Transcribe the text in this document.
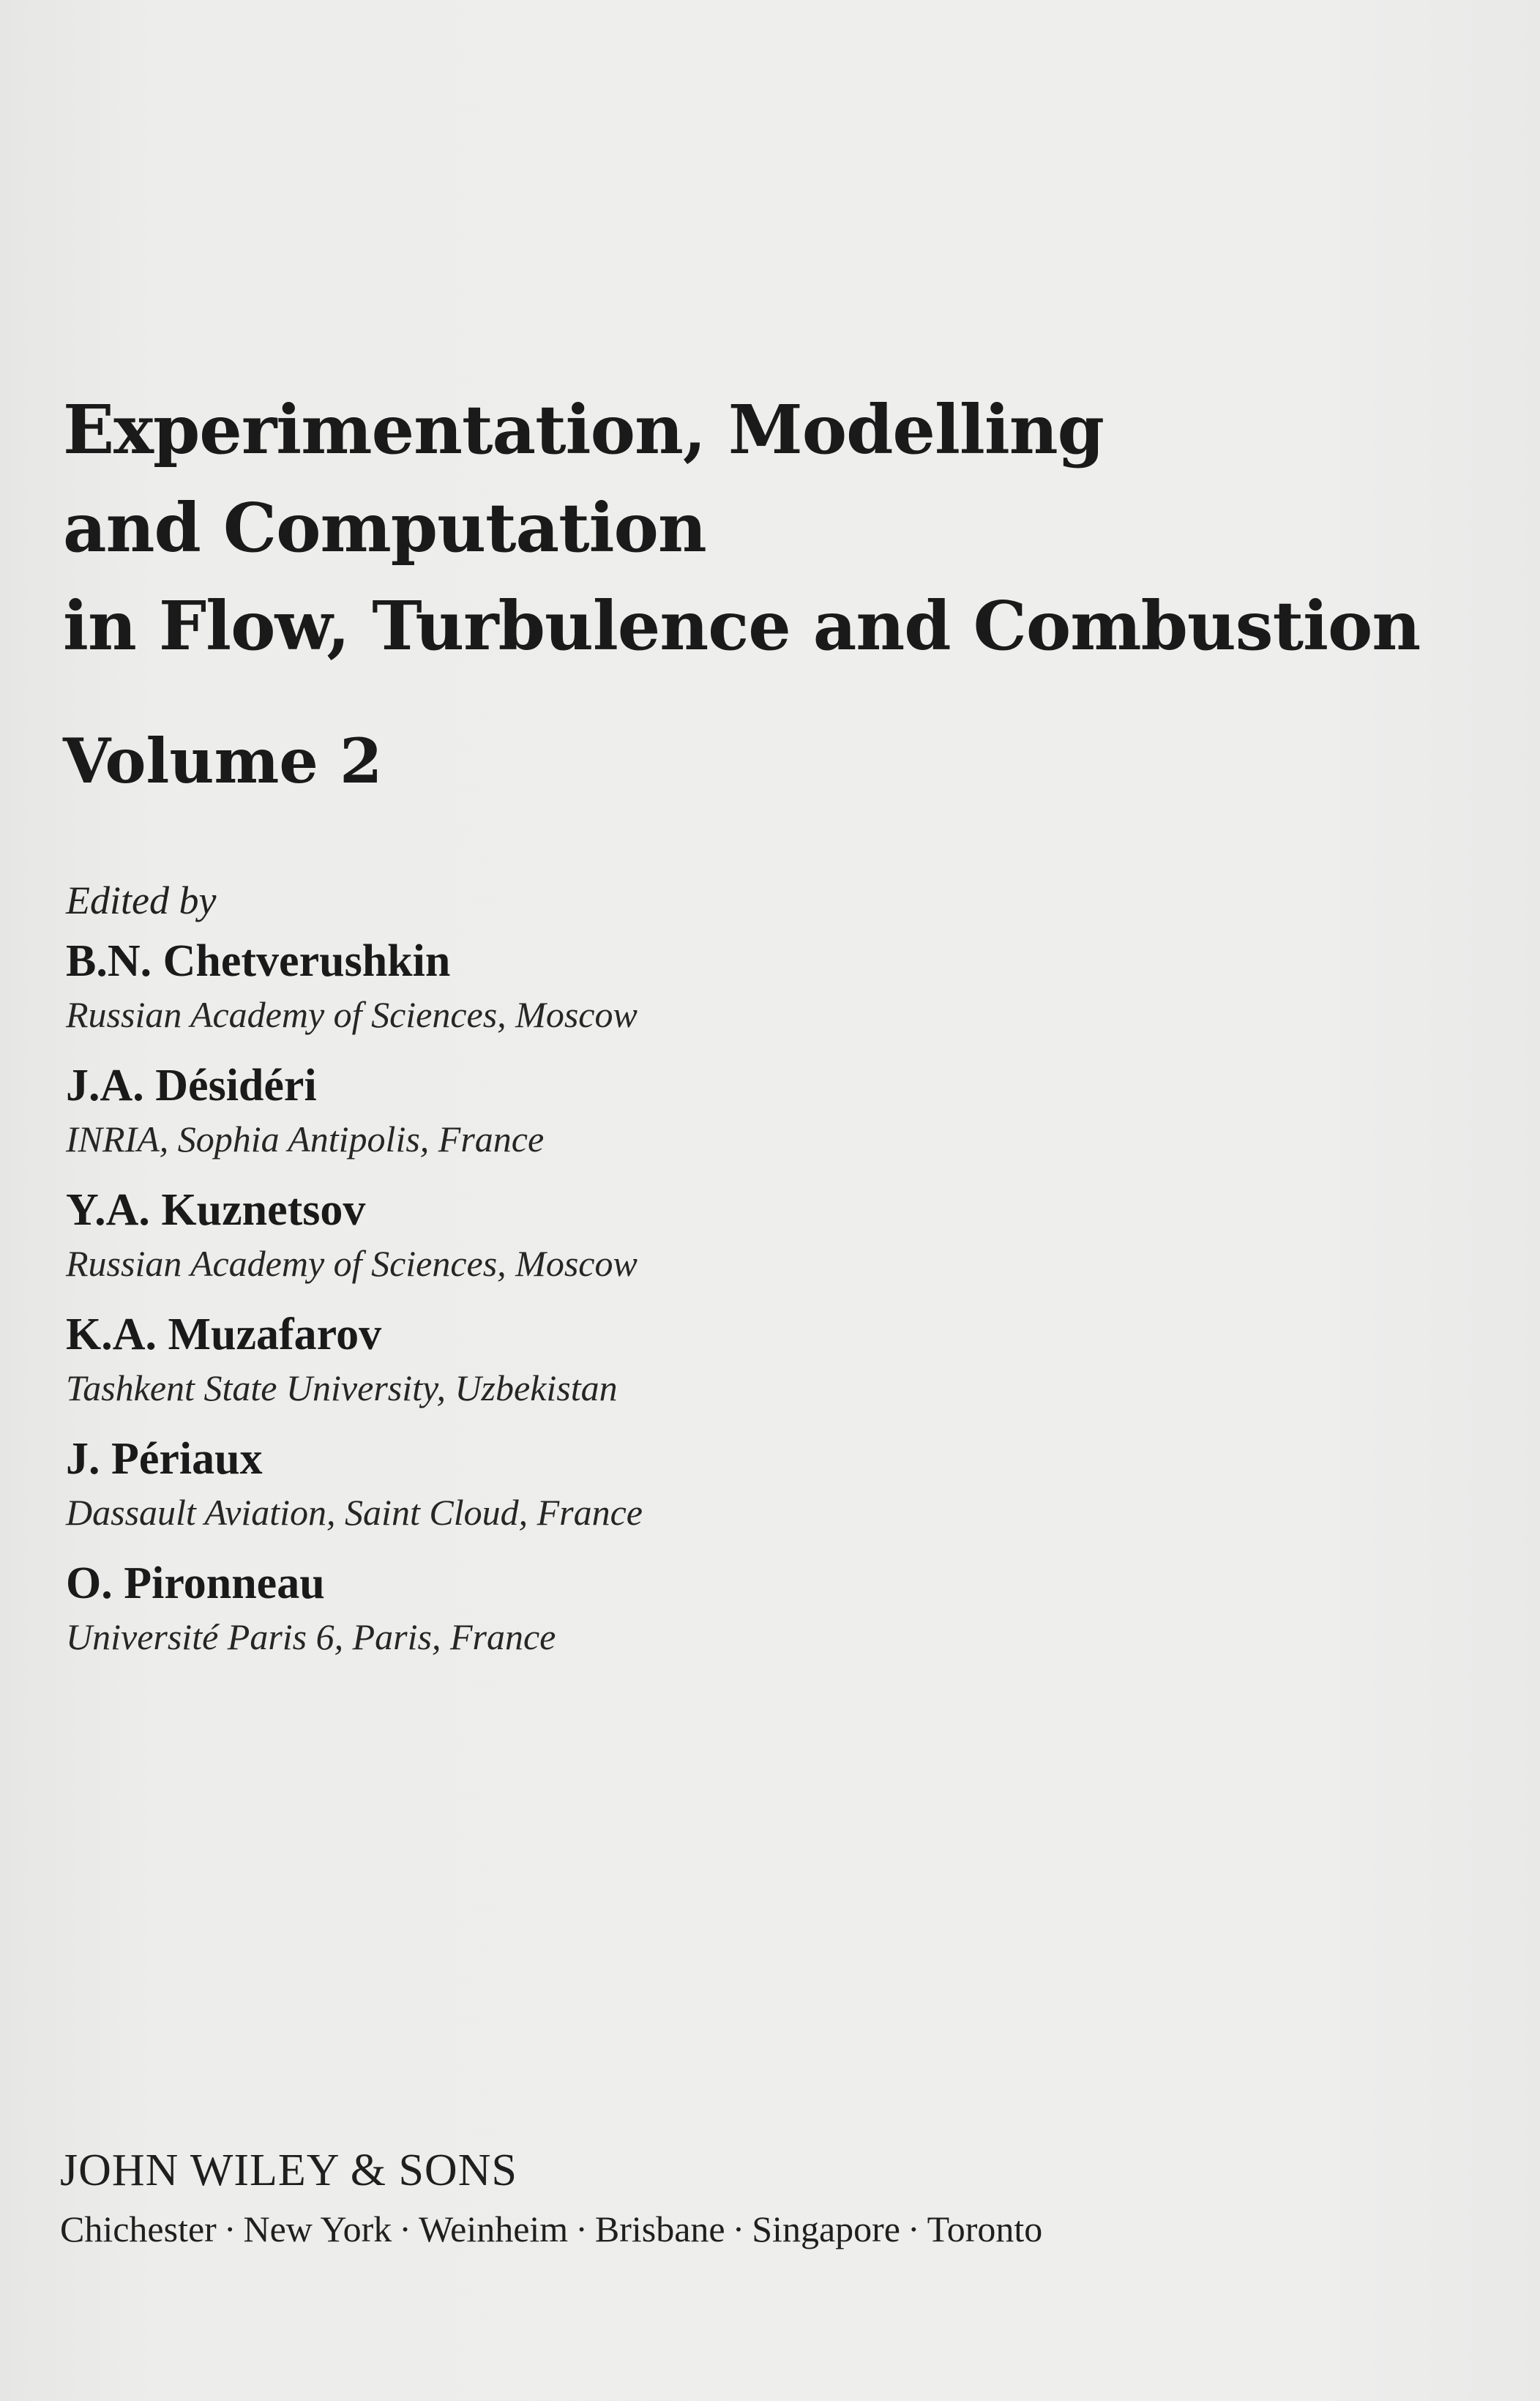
Experimentation, Modelling
and Computation
in Flow, Turbulence and Combustion
Volume 2
Edited by
B.N. Chetverushkin
Russian Academy of Sciences, Moscow
J.A. Désidéri
INRIA, Sophia Antipolis, France
Y.A. Kuznetsov
Russian Academy of Sciences, Moscow
K.A. Muzafarov
Tashkent State University, Uzbekistan
J. Périaux
Dassault Aviation, Saint Cloud, France
O. Pironneau
Université Paris 6, Paris, France
JOHN WILEY & SONS
Chichester · New York · Weinheim · Brisbane · Singapore · Toronto
